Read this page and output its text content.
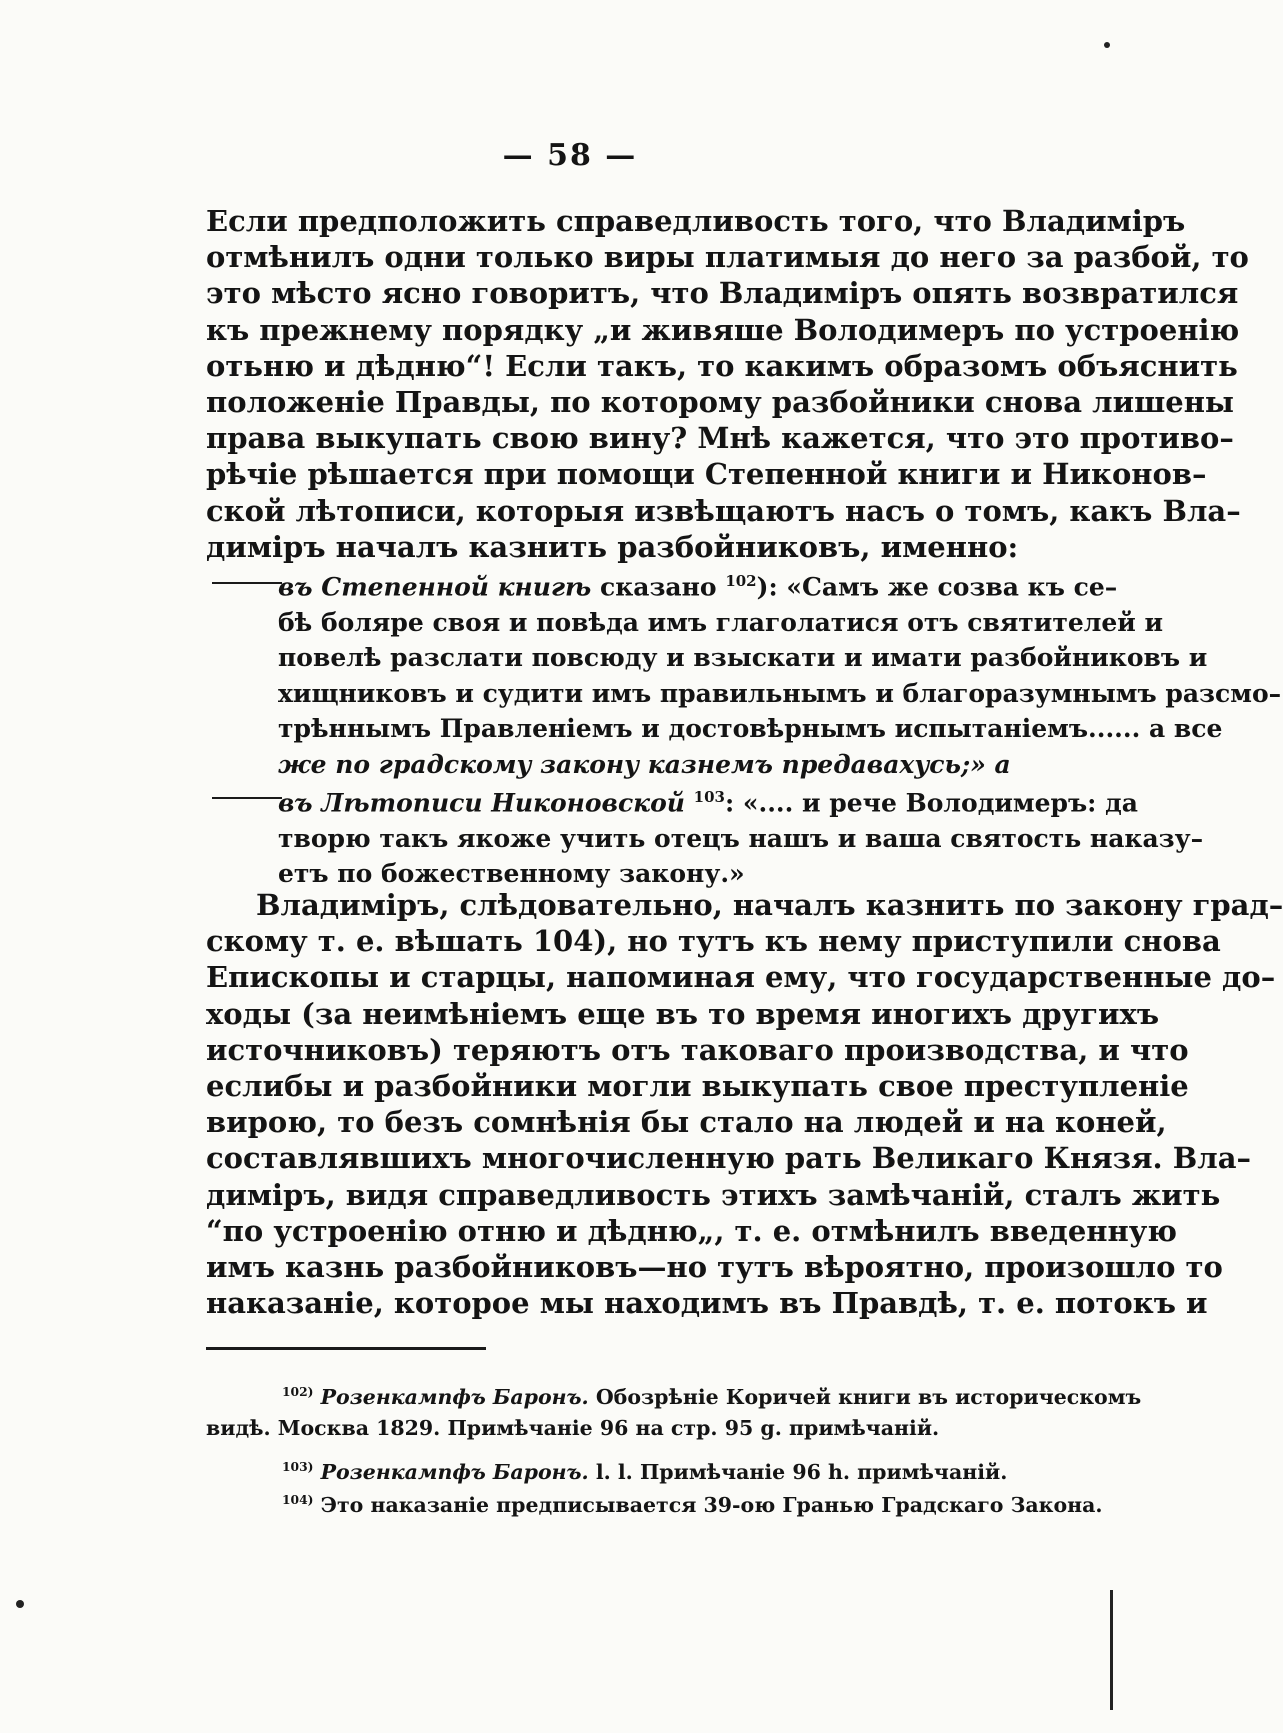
— 58 —
Если предположить справедливость того, что Владиміръ
отмѣнилъ одни только виры платимыя до него за разбой, то
это мѣсто ясно говоритъ, что Владиміръ опять возвратился
къ прежнему порядку „и живяше Володимеръ по устроенію
отьню и дѣдню“! Если такъ, то какимъ образомъ объяснить
положеніе Правды, по которому разбойники снова лишены
права выкупать свою вину? Мнѣ кажется, что это противо–
рѣчіе рѣшается при помощи Степенной книги и Никонов–
ской лѣтописи, которыя извѣщаютъ насъ о томъ, какъ Вла–
диміръ началъ казнить разбойниковъ, именно:
въ Степенной книгѣ сказано $^{102}$): «Самъ же созва къ се–
бѣ боляре своя и повѣда имъ глаголатися отъ святителей и
повелѣ разслати повсюду и взыскати и имати разбойниковъ и
хищниковъ и судити имъ правильнымъ и благоразумнымъ разсмо–
трѣннымъ Правленіемъ и достовѣрнымъ испытаніемъ...... а все
же по градскому закону казнемъ предавахусь;» а
въ Лѣтописи Никоновской $^{103}$: «.... и рече Володимеръ: да
творю такъ якоже учить отецъ нашъ и ваша святость наказу–
етъ по божественному закону.»
Владиміръ, слѣдовательно, началъ казнить по закону град–
скому т. е. вѣшать 104), но тутъ къ нему приступили снова
Епископы и старцы, напоминая ему, что государственные до–
ходы (за неимѣніемъ еще въ то время иногихъ другихъ
источниковъ) теряютъ отъ таковаго производства, и что
еслибы и разбойники могли выкупать свое преступленіе
вирою, то безъ сомнѣнія бы стало на людей и на коней,
составлявшихъ многочисленную рать Великаго Князя. Вла–
диміръ, видя справедливость этихъ замѣчаній, сталъ жить
“по устроенію отню и дѣдню„, т. е. отмѣнилъ введенную
имъ казнь разбойниковъ—но тутъ вѣроятно, произошло то
наказаніе, которое мы находимъ въ Правдѣ, т. е. потокъ и
$^{102)}$ Розенкампфъ Баронъ. Обозрѣніе Коричей книги въ историческомъ
видѣ. Москва 1829. Примѣчаніе 96 на стр. 95 g. примѣчаній.
$^{103)}$ Розенкампфъ Баронъ. l. l. Примѣчаніе 96 h. примѣчаній.
$^{104)}$ Это наказаніе предписывается 39-ою Гранью Градскаго Закона.
